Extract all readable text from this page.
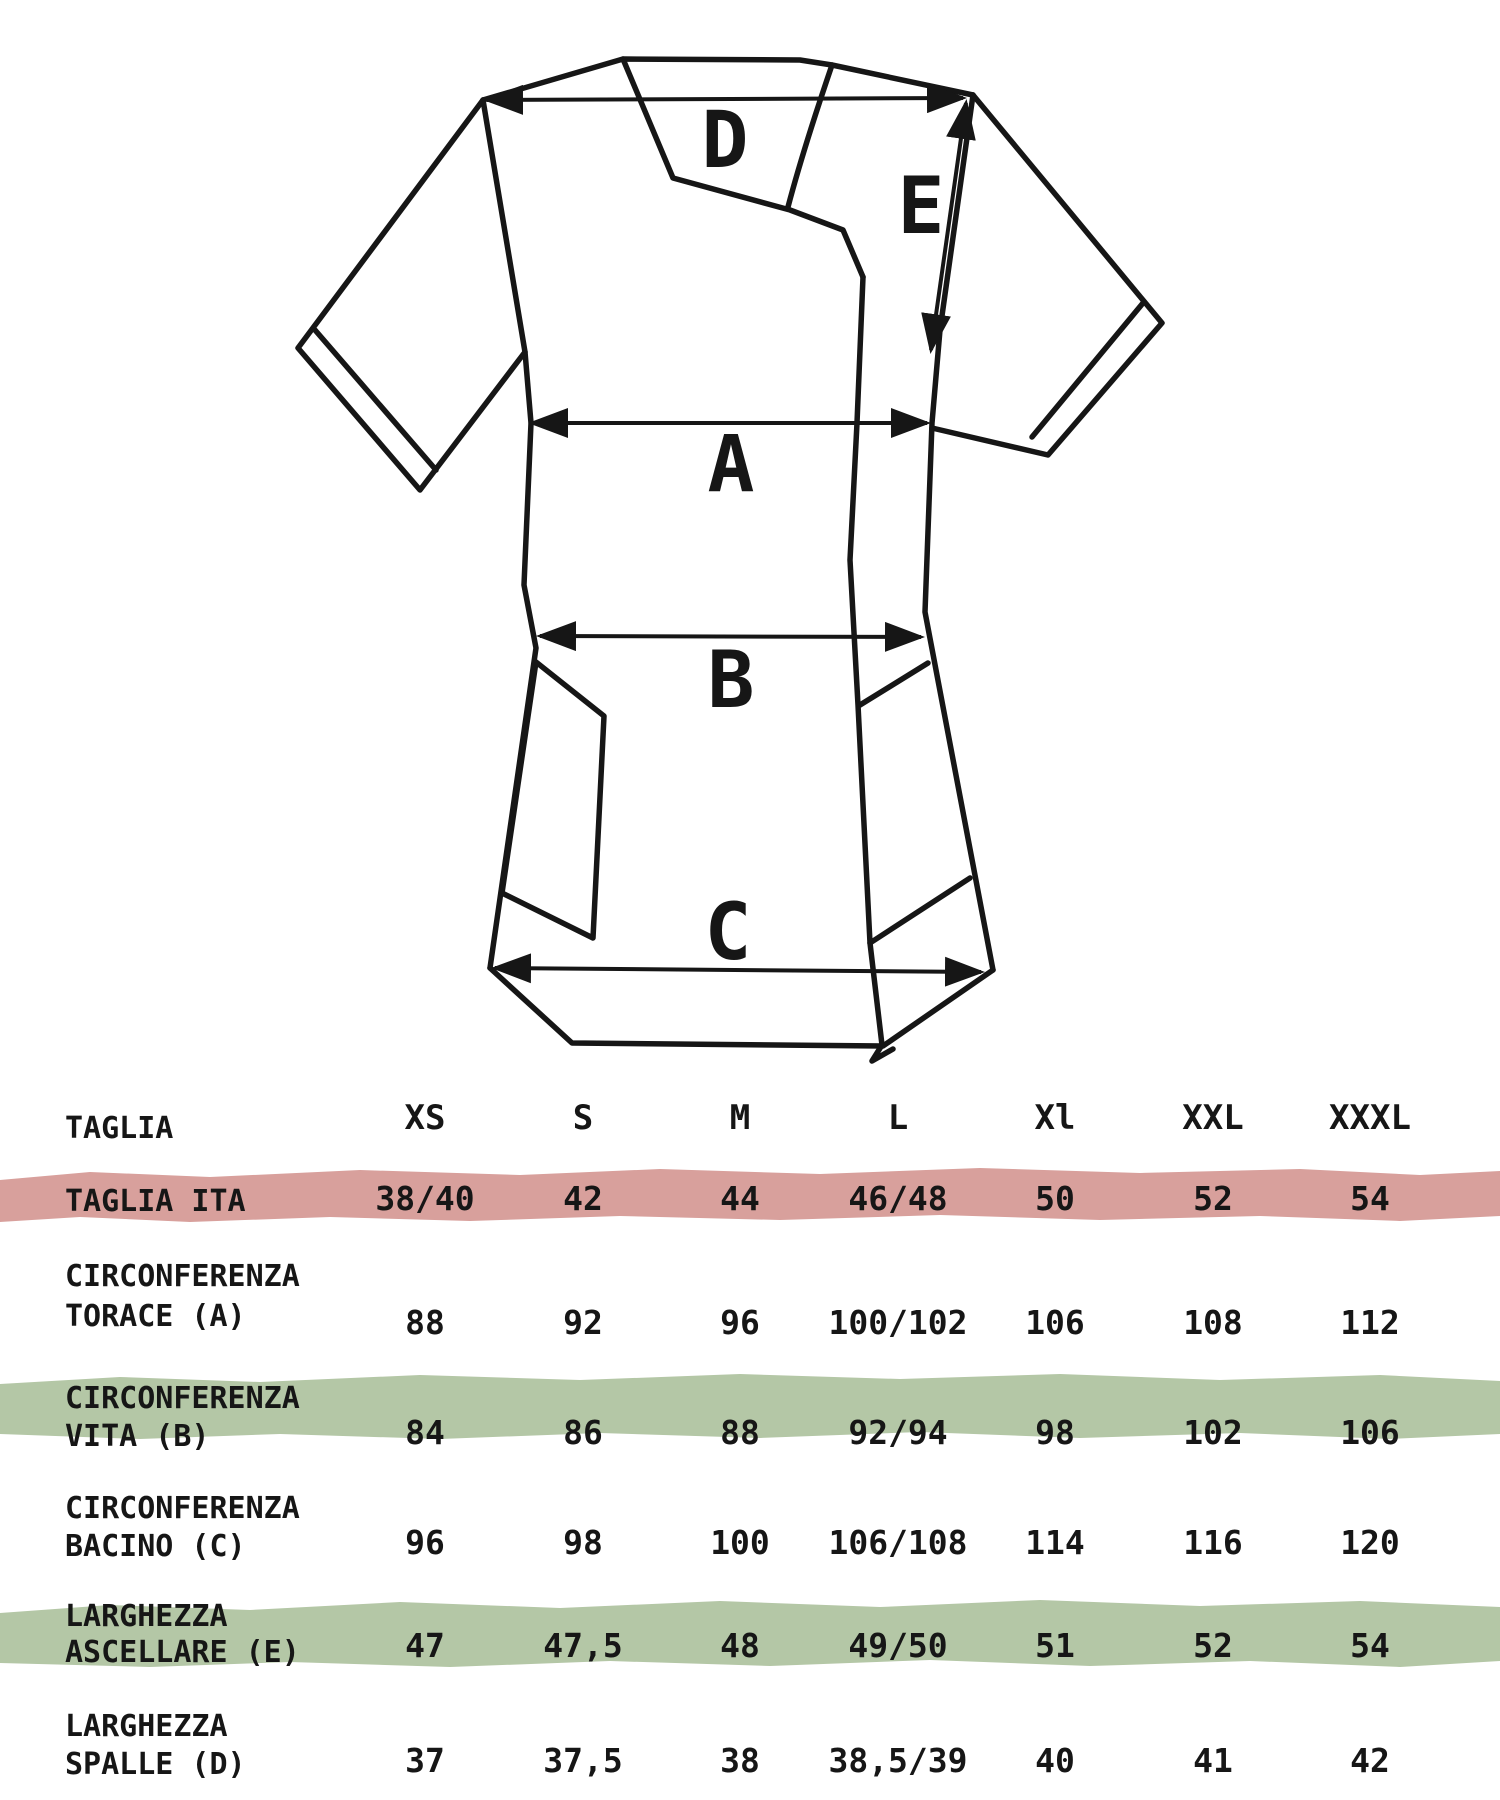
D
E
A
B
C
TAGLIA	XS	S	M	L	Xl	XXL	XXXL
TAGLIA ITA	38/40	42	44	46/48	50	52	54
CIRCONFERENZA
TORACE (A)	88	92	96	100/102	106	108	112
CIRCONFERENZA
VITA (B)	84	86	88	92/94	98	102	106
CIRCONFERENZA
BACINO (C)	96	98	100	106/108	114	116	120
LARGHEZZA
ASCELLARE (E)	47	47,5	48	49/50	51	52	54
LARGHEZZA
SPALLE (D)	37	37,5	38	38,5/39	40	41	42
